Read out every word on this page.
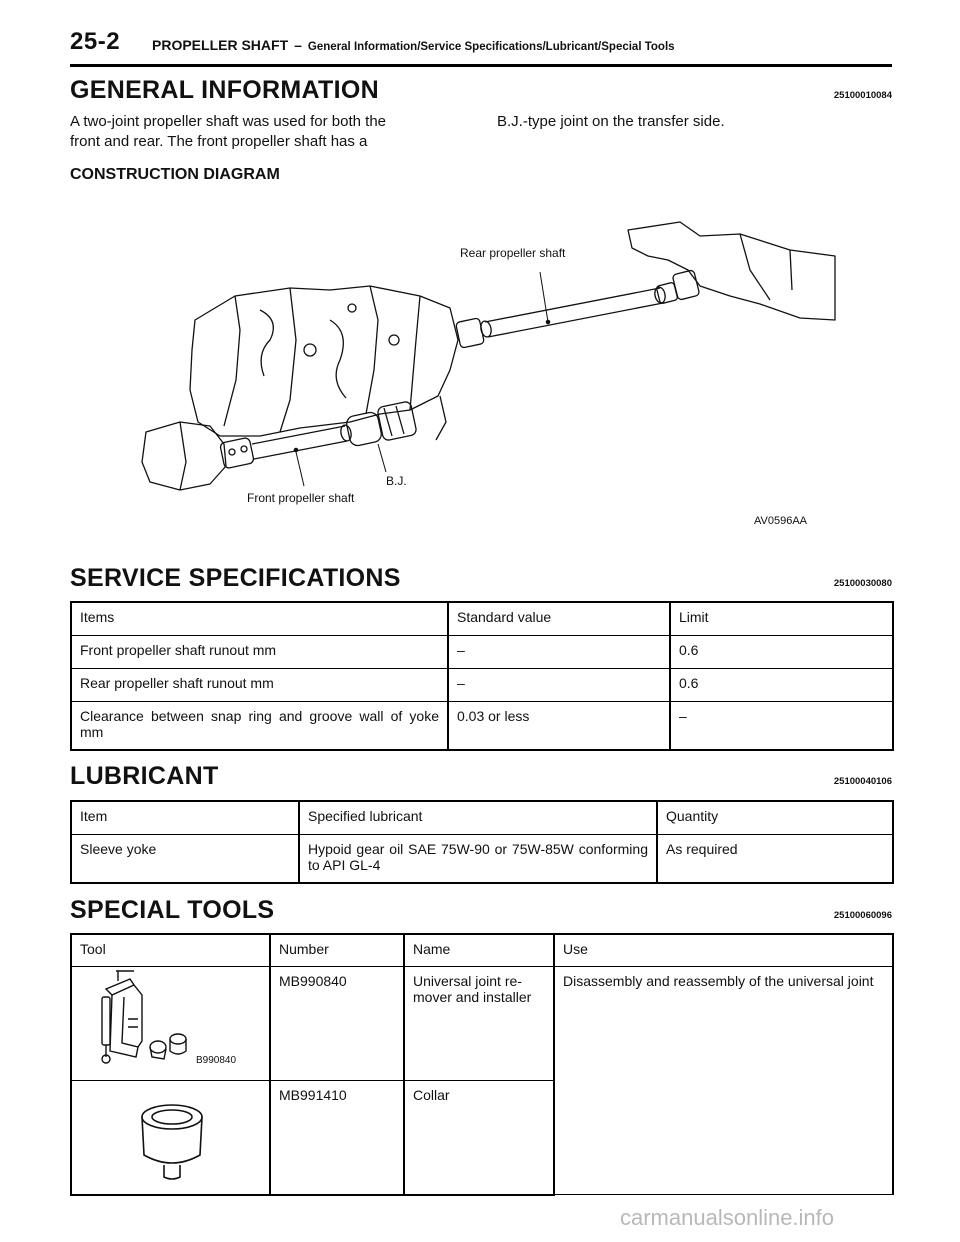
25-2 PROPELLER SHAFT – General Information/Service Specifications/Lubricant/Special Tools
GENERAL INFORMATION	25100010084
A two-joint propeller shaft was used for both the
front and rear. The front propeller shaft has a
B.J.-type joint on the transfer side.
CONSTRUCTION DIAGRAM
Rear propeller shaft
B.J.
Front propeller shaft
AV0596AA
SERVICE SPECIFICATIONS	25100030080
Items	Standard value	Limit
Front propeller shaft runout mm	–	0.6
Rear propeller shaft runout mm	–	0.6
Clearance between snap ring and groove wall of yoke mm	0.03 or less	–
LUBRICANT	25100040106
Item	Specified lubricant	Quantity
Sleeve yoke	Hypoid gear oil SAE 75W-90 or 75W-85W conforming to API GL-4	As required
SPECIAL TOOLS	25100060096
Tool	Number	Name	Use

B990840	MB990840	Universal joint re-mover and installer	Disassembly and reassembly of the universal joint
	MB991410	Collar	
carmanualsonline.info
